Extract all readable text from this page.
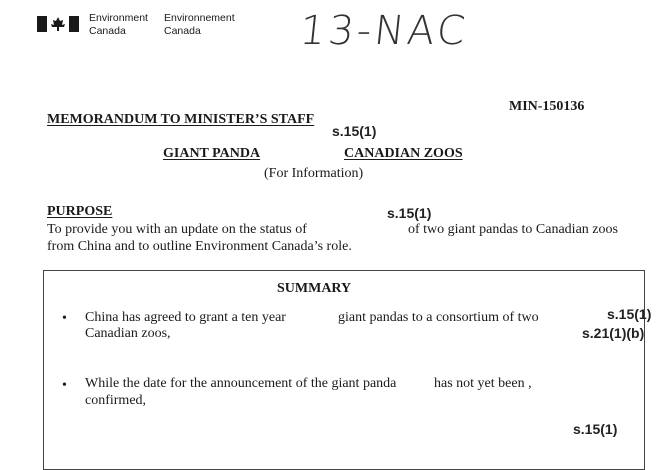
Environment
Canada
Environnement
Canada	13-NAC
MIN-150136
MEMORANDUM TO MINISTER’S STAFF
s.15(1)
GIANT PANDA	CANADIAN ZOOS
(For Information)
PURPOSE	s.15(1)
To provide you with an update on the status of	of two giant pandas to Canadian zoos
from China and to outline Environment Canada’s role.
SUMMARY
• China has agreed to grant a ten year	giant pandas to a consortium of two
Canadian zoos,
s.15(1)
s.21(1)(b)
• While the date for the announcement of the giant panda	has not yet been ,
confirmed,
s.15(1)
